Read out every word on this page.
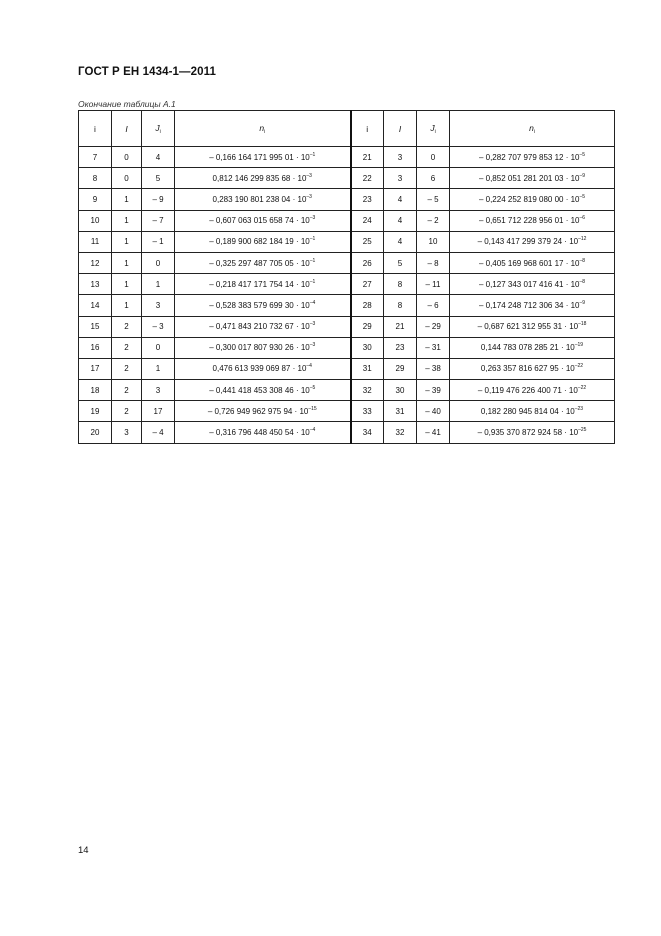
ГОСТ Р ЕН 1434-1—2011
Окончание таблицы А.1
i	I	$J_i$	$n_i$	i	I	$J_i$	$n_i$
7	0	4	– 0,166 164 171 995 $01 \cdot 10^{-1}$	21	3	0	– 0,282 707 979 853 $12 \cdot 10^{-5}$
8	0	5	0,812 146 299 835 $68 \cdot 10^{-3}$	22	3	6	– 0,852 051 281 201 $03 \cdot 10^{-9}$
9	1	– 9	0,283 190 801 238 $04 \cdot 10^{-3}$	23	4	– 5	– 0,224 252 819 080 $00 \cdot 10^{-5}$
10	1	– 7	– 0,607 063 015 658 $74 \cdot 10^{-3}$	24	4	– 2	– 0,651 712 228 956 $01 \cdot 10^{-6}$
11	1	– 1	– 0,189 900 682 184 $19 \cdot 10^{-1}$	25	4	10	– 0,143 417 299 379 $24 \cdot 10^{-12}$
12	1	0	– 0,325 297 487 705 $05 \cdot 10^{-1}$	26	5	– 8	– 0,405 169 968 601 $17 \cdot 10^{-8}$
13	1	1	– 0,218 417 171 754 $14 \cdot 10^{-1}$	27	8	– 11	– 0,127 343 017 416 $41 \cdot 10^{-8}$
14	1	3	– 0,528 383 579 699 $30 \cdot 10^{-4}$	28	8	– 6	– 0,174 248 712 306 $34 \cdot 10^{-9}$
15	2	– 3	– 0,471 843 210 732 $67 \cdot 10^{-3}$	29	21	– 29	– 0,687 621 312 955 $31 \cdot 10^{-18}$
16	2	0	– 0,300 017 807 930 $26 \cdot 10^{-3}$	30	23	– 31	0,144 783 078 285 $21 \cdot 10^{-19}$
17	2	1	0,476 613 939 069 $87 \cdot 10^{-4}$	31	29	– 38	0,263 357 816 627 $95 \cdot 10^{-22}$
18	2	3	– 0,441 418 453 308 $46 \cdot 10^{-5}$	32	30	– 39	– 0,119 476 226 400 $71 \cdot 10^{-22}$
19	2	17	– 0,726 949 962 975 $94 \cdot 10^{-15}$	33	31	– 40	0,182 280 945 814 $04 \cdot 10^{-23}$
20	3	– 4	– 0,316 796 448 450 $54 \cdot 10^{-4}$	34	32	– 41	– 0,935 370 872 924 $58 \cdot 10^{-25}$
14
